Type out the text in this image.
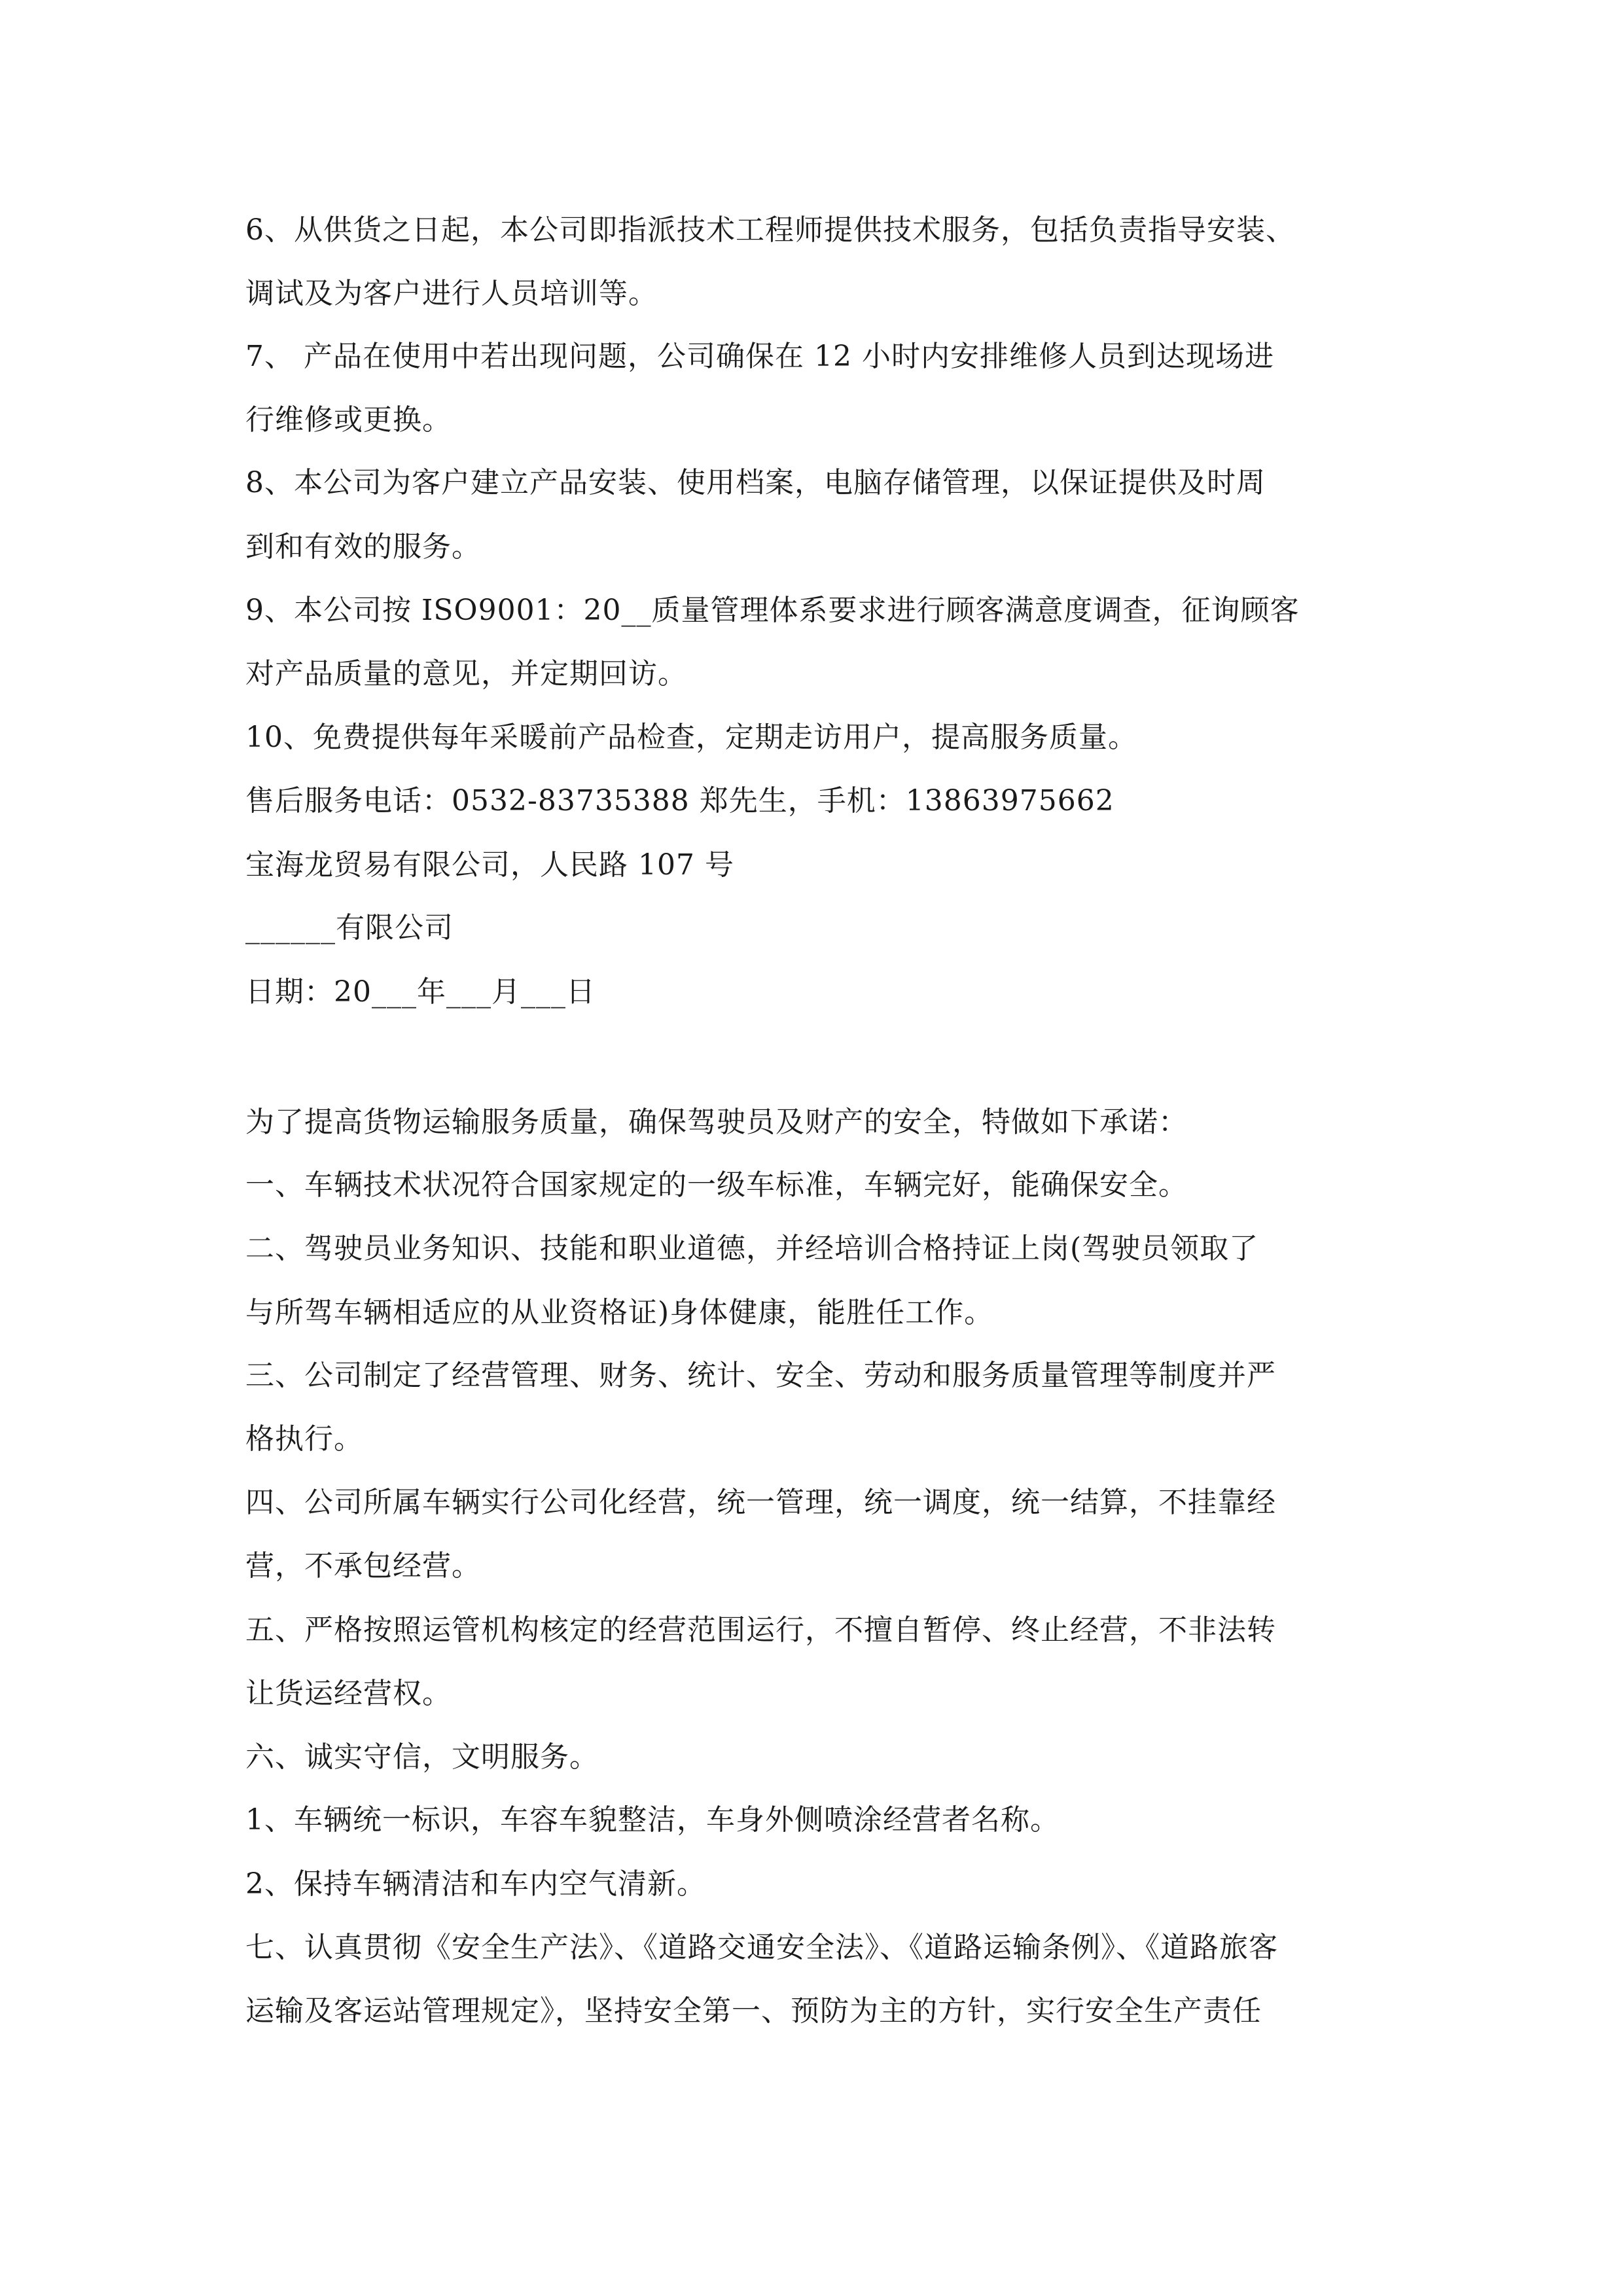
6、从供货之日起，本公司即指派技术工程师提供技术服务，包括负责指导安装、

调试及为客户进行人员培训等。

7、 产品在使用中若出现问题，公司确保在 12 小时内安排维修人员到达现场进

行维修或更换。

8、本公司为客户建立产品安装、使用档案，电脑存储管理，以保证提供及时周

到和有效的服务。

9、本公司按 ISO9001：20__质量管理体系要求进行顾客满意度调查，征询顾客

对产品质量的意见，并定期回访。

10、免费提供每年采暖前产品检查，定期走访用户，提高服务质量。

售后服务电话：0532-83735388 郑先生，手机：13863975662

宝海龙贸易有限公司，人民路 107 号

______有限公司

日期：20___年___月___日

为了提高货物运输服务质量，确保驾驶员及财产的安全，特做如下承诺：

一、车辆技术状况符合国家规定的一级车标准，车辆完好，能确保安全。

二、驾驶员业务知识、技能和职业道德，并经培训合格持证上岗(驾驶员领取了

与所驾车辆相适应的从业资格证)身体健康，能胜任工作。

三、公司制定了经营管理、财务、统计、安全、劳动和服务质量管理等制度并严

格执行。

四、公司所属车辆实行公司化经营，统一管理，统一调度，统一结算，不挂靠经

营，不承包经营。

五、严格按照运管机构核定的经营范围运行，不擅自暂停、终止经营，不非法转

让货运经营权。

六、诚实守信，文明服务。

1、车辆统一标识，车容车貌整洁，车身外侧喷涂经营者名称。

2、保持车辆清洁和车内空气清新。

七、认真贯彻《安全生产法》、《道路交通安全法》、《道路运输条例》、《道路旅客

运输及客运站管理规定》，坚持安全第一、预防为主的方针，实行安全生产责任
